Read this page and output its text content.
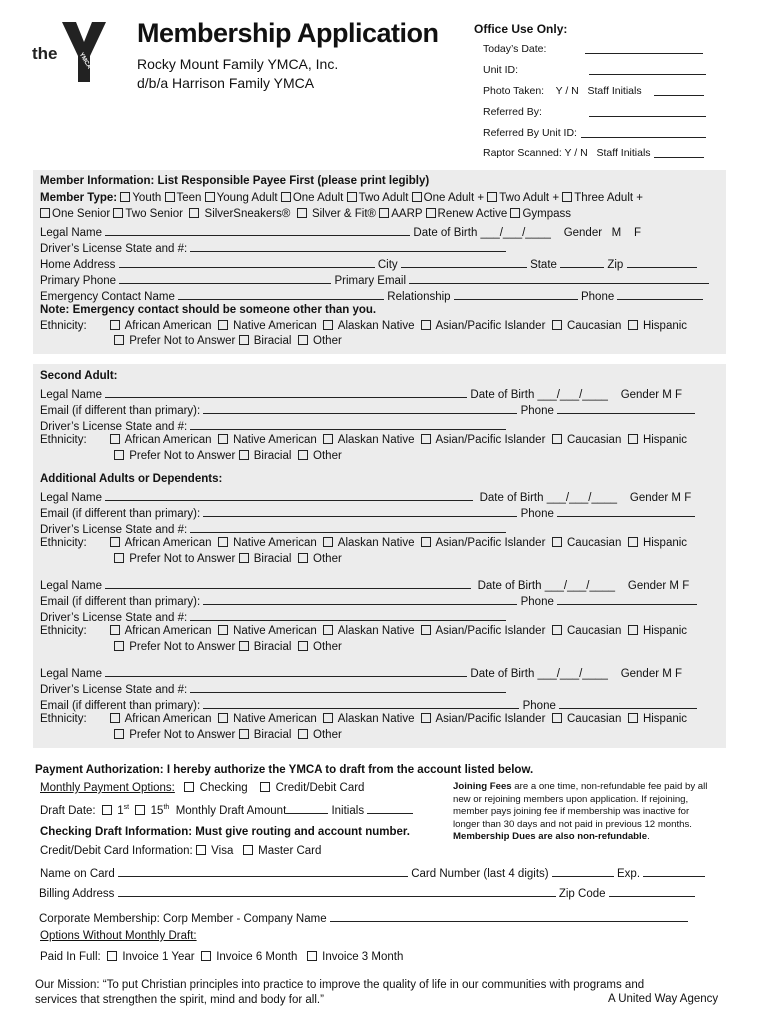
the	YMCA
Membership Application
Rocky Mount Family YMCA, Inc.
d/b/a Harrison Family YMCA
Office Use Only:
Today’s Date:
Unit ID:
Photo Taken: Y / N Staff Initials
Referred By:
Referred By Unit ID:
Raptor Scanned: Y / N Staff Initials
Member Information: List Responsible Payee First (please print legibly)
Member Type: Youth Teen Young Adult One Adult Two Adult One Adult + Two Adult + Three Adult +
One Senior Two Senior SilverSneakers® Silver & Fit® AARP Renew Active Gympass
Legal Name	Date of Birth ___/___/____ Gender M F
Driver’s License State and #:
Home Address	City	State	Zip
Primary Phone	Primary Email
Emergency Contact Name	Relationship	Phone
Note: Emergency contact should be someone other than you.
Ethnicity:	African American Native American Alaskan Native Asian/Pacific Islander Caucasian Hispanic
Prefer Not to Answer Biracial Other
Second Adult:
Legal Name	Date of Birth ___/___/____ Gender M F
Email (if different than primary):	Phone
Driver’s License State and #:
Ethnicity:	African American Native American Alaskan Native Asian/Pacific Islander Caucasian Hispanic
Prefer Not to Answer Biracial Other
Additional Adults or Dependents:
Legal Name	Date of Birth ___/___/____ Gender M F
Email (if different than primary):	Phone
Driver’s License State and #:
Ethnicity:	African American Native American Alaskan Native Asian/Pacific Islander Caucasian Hispanic
Prefer Not to Answer Biracial Other
Legal Name	Date of Birth ___/___/____ Gender M F
Email (if different than primary):	Phone
Driver’s License State and #:
Ethnicity:	African American Native American Alaskan Native Asian/Pacific Islander Caucasian Hispanic
Prefer Not to Answer Biracial Other
Legal Name	Date of Birth ___/___/____ Gender M F
Driver’s License State and #:
Email (if different than primary):	Phone
Ethnicity:	African American Native American Alaskan Native Asian/Pacific Islander Caucasian Hispanic
Prefer Not to Answer Biracial Other
Payment Authorization: I hereby authorize the YMCA to draft from the account listed below.
Monthly Payment Options: Checking Credit/Debit Card
Draft Date: 1st 15th Monthly Draft Amount	Initials
Checking Draft Information: Must give routing and account number.
Credit/Debit Card Information: Visa Master Card
Joining Fees are a one time, non-refundable fee paid by all new or rejoining members upon application. If rejoining, member pays joining fee if membership was inactive for longer than 30 days and not paid in previous 12 months. Membership Dues are also non-refundable.
Name on Card	Card Number (last 4 digits)	Exp.
Billing Address	Zip Code
Corporate Membership: Corp Member - Company Name
Options Without Monthly Draft:
Paid In Full: Invoice 1 Year Invoice 6 Month Invoice 3 Month
Our Mission: “To put Christian principles into practice to improve the quality of life in our communities with programs and
services that strengthen the spirit, mind and body for all.”	A United Way Agency
